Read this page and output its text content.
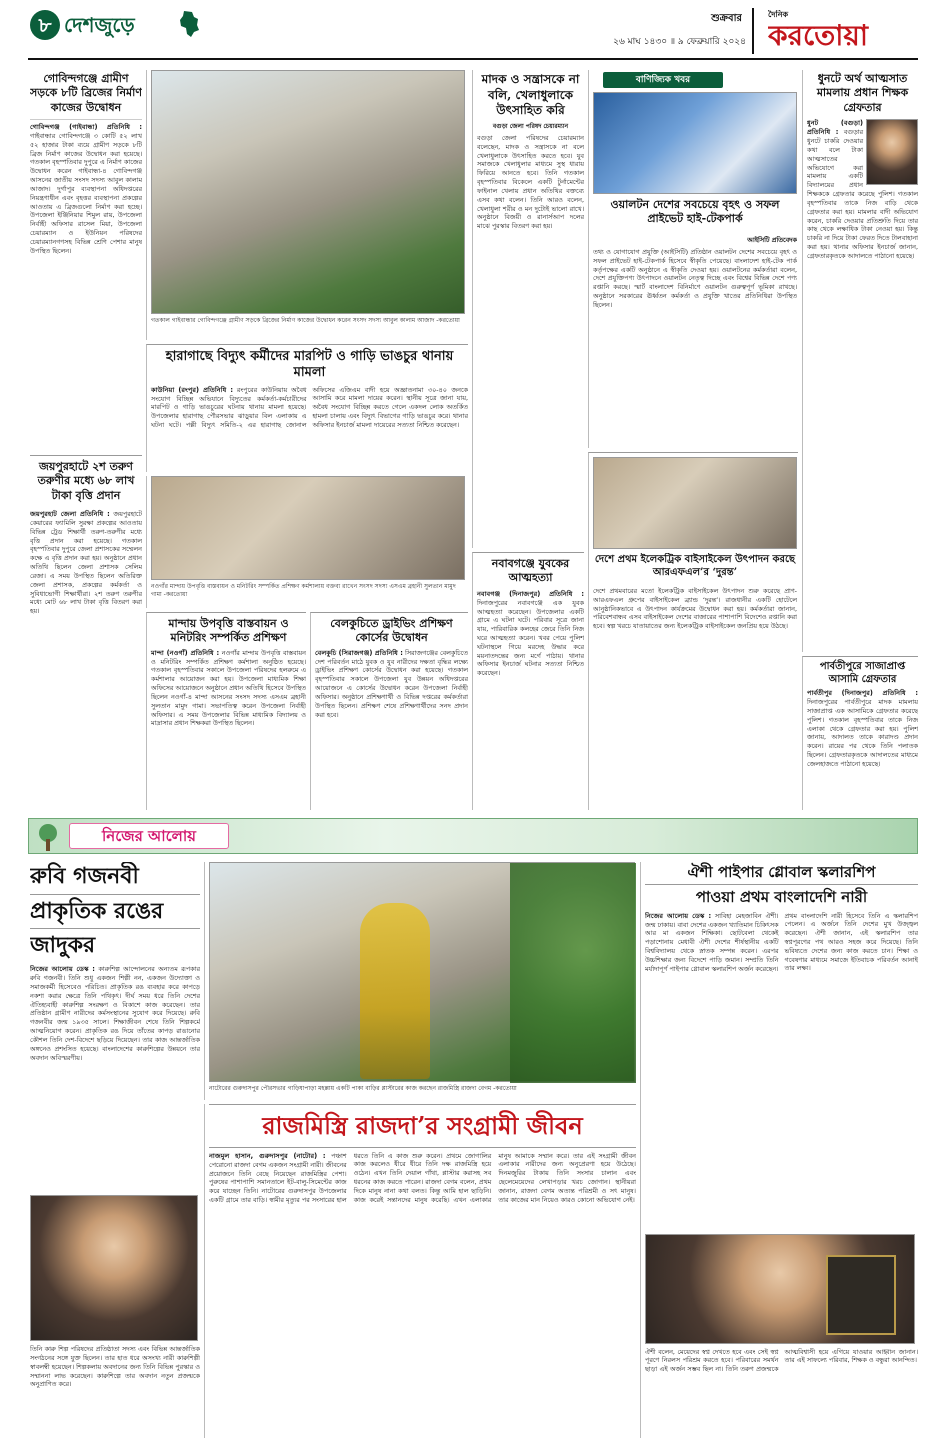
৮ দেশজুড়ে	শুক্রবার
২৬ মাঘ ১৪৩০ ॥ ৯ ফেব্রুয়ারি ২০২৪
দৈনিক
করতোয়া
গোবিন্দগঞ্জে গ্রামীণ সড়কে ৮টি ব্রিজের নির্মাণ কাজের উদ্বোধন
গোবিন্দগঞ্জ (গাইবান্ধা) প্রতিনিধি : গাইবান্ধার গোবিন্দগঞ্জে ৩ কোটি ৫২ লাখ ৫২ হাজার টাকা ব্যয়ে গ্রামীণ সড়কে ৮টি ব্রিজ নির্মাণ কাজের উদ্বোধন করা হয়েছে। গতকাল বৃহস্পতিবার দুপুরে এ নির্মাণ কাজের উদ্বোধন করেন গাইবান্ধা-৪ গোবিন্দগঞ্জ আসনের জাতীয় সংসদ সদস্য আবুল কালাম আজাদ। দুর্গাপুর ব্যবস্থাপনা অধিদপ্তরের নিয়ন্ত্রণাধীন এবং বৃহত্তর ব্যবস্থাপনা প্রকল্পের আওতায় এ ব্রিজগুলো নির্মাণ করা হচ্ছে। উপজেলা ইঞ্জিনিয়ার শিমুল রায়, উপজেলা নির্বাহী অফিসার রাসেল মিয়া, উপজেলা চেয়ারম্যান ও ইউনিয়ন পরিষদের চেয়ারম্যানগণসহ বিভিন্ন শ্রেণি পেশার মানুষ উপস্থিত ছিলেন।
জয়পুরহাটে ২শ তরুণ তরুণীর মধ্যে ৬৮ লাখ টাকা বৃত্তি প্রদান
জয়পুরহাট জেলা প্রতিনিধি : জয়পুরহাটে কেয়ারের ফ্যামিলি সুরক্ষা প্রকল্পের আওতায় বিভিন্ন ট্রেড শিক্ষার্থী তরুণ-তরুণীর মধ্যে বৃত্তি প্রদান করা হয়েছে। গতকাল বৃহস্পতিবার দুপুরে জেলা প্রশাসকের সম্মেলন কক্ষে এ বৃত্তি প্রদান করা হয়। অনুষ্ঠানে প্রধান অতিথি ছিলেন জেলা প্রশাসক সেলিম রেজা। এ সময় উপস্থিত ছিলেন অতিরিক্ত জেলা প্রশাসক, প্রকল্পের কর্মকর্তা ও সুবিধাভোগী শিক্ষার্থীরা। ২শ তরুণ তরুণীর মধ্যে মোট ৬৮ লাখ টাকা বৃত্তি বিতরণ করা হয়।
গতকাল গাইবান্ধার গোবিন্দগঞ্জে গ্রামীণ সড়কে ব্রিজের নির্মাণ কাজের উদ্বোধন করেন সংসদ সদস্য আবুল কালাম আজাদ -করতোয়া
হারাগাছে বিদ্যুৎ কর্মীদের মারপিট ও গাড়ি ভাঙচুর থানায় মামলা
কাউনিয়া (রংপুর) প্রতিনিধি : রংপুরের কাউনিয়ায় অবৈধ সংযোগ বিচ্ছিন্ন অভিযানে বিদ্যুতের কর্মকর্তা-কর্মচারীদের মারপিট ও গাড়ি ভাঙচুরের ঘটনায় থানায় মামলা হয়েছে। উপজেলার হারাগাছ পৌরসভার ঝাড়ুয়ার বিল এলাকায় এ ঘটনা ঘটে। পল্লী বিদ্যুৎ সমিতি-২ এর হারাগাছ জোনাল অফিসের এজিএম বাদী হয়ে অজ্ঞাতনামা ৩০-৪০ জনকে আসামি করে মামলা দায়ের করেন। স্থানীয় সূত্রে জানা যায়, অবৈধ সংযোগ বিচ্ছিন্ন করতে গেলে একদল লোক অতর্কিত হামলা চালায় এবং বিদ্যুৎ বিভাগের গাড়ি ভাঙচুর করে। থানার অফিসার ইনচার্জ মামলা দায়েরের সত্যতা নিশ্চিত করেছেন।
নওগাঁর মান্দায় উপবৃত্তি বাস্তবায়ন ও মনিটরিং সম্পর্কিত প্রশিক্ষণ কর্মশালায় বক্তব্য রাখেন সংসদ সদস্য এসএম ব্রহানী সুলতান মামুদ গামা -করতোয়া
মান্দায় উপবৃত্তি বাস্তবায়ন ও মনিটরিং সম্পর্কিত প্রশিক্ষণ
মান্দা (নওগাঁ) প্রতিনিধি : নওগাঁর মান্দায় উপবৃত্তি বাস্তবায়ন ও মনিটরিং সম্পর্কিত প্রশিক্ষণ কর্মশালা অনুষ্ঠিত হয়েছে। গতকাল বৃহস্পতিবার সকালে উপজেলা পরিষদের হলরুমে এ কর্মশালার আয়োজন করা হয়। উপজেলা মাধ্যমিক শিক্ষা অফিসের আয়োজনে অনুষ্ঠানে প্রধান অতিথি হিসেবে উপস্থিত ছিলেন নওগাঁ-৪ মান্দা আসনের সংসদ সদস্য এসএম ব্রহানী সুলতান মামুদ গামা। সভাপতিত্ব করেন উপজেলা নির্বাহী অফিসার। এ সময় উপজেলার বিভিন্ন মাধ্যমিক বিদ্যালয় ও মাদ্রাসার প্রধান শিক্ষকরা উপস্থিত ছিলেন।
বেলকুচিতে ড্রাইভিং প্রশিক্ষণ কোর্সের উদ্বোধন
বেলকুচি (সিরাজগঞ্জ) প্রতিনিধি : সিরাজগঞ্জের বেলকুচিতে দেশ পরিবর্তন মাঠে যুবক ও যুব নারীদের দক্ষতা বৃদ্ধির লক্ষ্যে ড্রাইভিং প্রশিক্ষণ কোর্সের উদ্বোধন করা হয়েছে। গতকাল বৃহস্পতিবার সকালে উপজেলা যুব উন্নয়ন অধিদপ্তরের আয়োজনে এ কোর্সের উদ্বোধন করেন উপজেলা নির্বাহী অফিসার। অনুষ্ঠানে প্রশিক্ষণার্থী ও বিভিন্ন দপ্তরের কর্মকর্তারা উপস্থিত ছিলেন। প্রশিক্ষণ শেষে প্রশিক্ষণার্থীদের সনদ প্রদান করা হবে।
মাদক ও সন্ত্রাসকে না বলি, খেলাধুলাকে উৎসাহিত করি
বগুড়া জেলা পরিষদ চেয়ারম্যান
বগুড়া জেলা পরিষদের চেয়ারম্যান বলেছেন, মাদক ও সন্ত্রাসকে না বলে খেলাধুলাকে উৎসাহিত করতে হবে। যুব সমাজকে খেলাধুলার মাধ্যমে সুস্থ ধারায় ফিরিয়ে আনতে হবে। তিনি গতকাল বৃহস্পতিবার বিকেলে একটি টুর্নামেন্টের ফাইনাল খেলায় প্রধান অতিথির বক্তব্যে এসব কথা বলেন। তিনি আরও বলেন, খেলাধুলা শরীর ও মন দুটোই ভালো রাখে। অনুষ্ঠানে বিজয়ী ও রানার্সআপ দলের মাঝে পুরস্কার বিতরণ করা হয়।
নবাবগঞ্জে যুবকের আত্মহত্যা
নবাবগঞ্জ (দিনাজপুর) প্রতিনিধি : দিনাজপুরের নবাবগঞ্জে এক যুবক আত্মহত্যা করেছেন। উপজেলার একটি গ্রামে এ ঘটনা ঘটে। পরিবার সূত্রে জানা যায়, পারিবারিক কলহের জেরে তিনি নিজ ঘরে আত্মহত্যা করেন। খবর পেয়ে পুলিশ ঘটনাস্থলে গিয়ে মরদেহ উদ্ধার করে ময়নাতদন্তের জন্য মর্গে পাঠায়। থানার অফিসার ইনচার্জ ঘটনার সত্যতা নিশ্চিত করেছেন।
বাণিজ্যিক খবর
ওয়ালটন দেশের সবচেয়ে বৃহৎ ও সফল প্রাইভেট হাই-টেকপার্ক
আইসিটি প্রতিবেদক
তথ্য ও যোগাযোগ প্রযুক্তি (আইসিটি) প্রতিষ্ঠান ওয়ালটন দেশের সবচেয়ে বৃহৎ ও সফল প্রাইভেট হাই-টেকপার্ক হিসেবে স্বীকৃতি পেয়েছে। বাংলাদেশ হাই-টেক পার্ক কর্তৃপক্ষের একটি অনুষ্ঠানে এ স্বীকৃতি দেওয়া হয়। ওয়ালটনের কর্মকর্তারা বলেন, দেশে প্রযুক্তিপণ্য উৎপাদনে ওয়ালটন নেতৃত্ব দিচ্ছে এবং বিশ্বের বিভিন্ন দেশে পণ্য রপ্তানি করছে। স্মার্ট বাংলাদেশ বিনির্মাণে ওয়ালটন গুরুত্বপূর্ণ ভূমিকা রাখছে। অনুষ্ঠানে সরকারের ঊর্ধ্বতন কর্মকর্তা ও প্রযুক্তি খাতের প্রতিনিধিরা উপস্থিত ছিলেন।
দেশে প্রথম ইলেকট্রিক বাইসাইকেল উৎপাদন করছে আরএফএল’র ‘দুরন্ত’
দেশে প্রথমবারের মতো ইলেকট্রিক বাইসাইকেল উৎপাদন শুরু করেছে প্রাণ-আরএফএল গ্রুপের বাইসাইকেল ব্র্যান্ড ‘দুরন্ত’। রাজধানীর একটি হোটেলে আনুষ্ঠানিকভাবে এ উৎপাদন কার্যক্রমের উদ্বোধন করা হয়। কর্মকর্তারা জানান, পরিবেশবান্ধব এসব বাইসাইকেল দেশের বাজারের পাশাপাশি বিদেশেও রপ্তানি করা হবে। স্বল্প খরচে যাতায়াতের জন্য ইলেকট্রিক বাইসাইকেল জনপ্রিয় হয়ে উঠছে।
ধুনটে অর্থ আত্মসাত মামলায় প্রধান শিক্ষক গ্রেফতার
ধুনট (বগুড়া) প্রতিনিধি : বগুড়ার ধুনটে চাকরি দেওয়ার কথা বলে টাকা আত্মসাতের অভিযোগে করা মামলায় একটি বিদ্যালয়ের প্রধান শিক্ষককে গ্রেফতার করেছে পুলিশ। গতকাল বৃহস্পতিবার তাকে নিজ বাড়ি থেকে গ্রেফতার করা হয়। মামলার বাদী অভিযোগ করেন, চাকরি দেওয়ার প্রতিশ্রুতি দিয়ে তার কাছ থেকে লক্ষাধিক টাকা নেওয়া হয়। কিন্তু চাকরি না দিয়ে টাকা ফেরত দিতে টালবাহানা করা হয়। থানার অফিসার ইনচার্জ জানান, গ্রেফতারকৃতকে আদালতে পাঠানো হয়েছে।
পার্বতীপুরে সাজাপ্রাপ্ত আসামি গ্রেফতার
পার্বতীপুর (দিনাজপুর) প্রতিনিধি : দিনাজপুরের পার্বতীপুরে মাদক মামলায় সাজাপ্রাপ্ত এক আসামিকে গ্রেফতার করেছে পুলিশ। গতকাল বৃহস্পতিবার তাকে নিজ এলাকা থেকে গ্রেফতার করা হয়। পুলিশ জানায়, আদালত তাকে কারাদণ্ড প্রদান করেন। রায়ের পর থেকে তিনি পলাতক ছিলেন। গ্রেফতারকৃতকে আদালতের মাধ্যমে জেলহাজতে পাঠানো হয়েছে।
নিজের আলোয়
রুবি গজনবী
প্রাকৃতিক রঙের
জাদুকর
নিজের আলোয় ডেস্ক : কারুশিল্প আন্দোলনের অন্যতম রূপকার রুবি গজনবী। তিনি শুধু একজন শিল্পী নন, একজন উদ্যোক্তা ও সমাজকর্মী হিসেবেও পরিচিত। প্রাকৃতিক রঙ ব্যবহার করে কাপড়ে নকশা করার ক্ষেত্রে তিনি পথিকৃৎ। দীর্ঘ সময় ধরে তিনি দেশের ঐতিহ্যবাহী কারুশিল্প সংরক্ষণ ও বিকাশে কাজ করেছেন। তার প্রতিষ্ঠান গ্রামীণ নারীদের কর্মসংস্থানের সুযোগ করে দিয়েছে। রুবি গজনবীর জন্ম ১৯৩৫ সালে। শিক্ষাজীবন শেষে তিনি শিল্পকর্মে আত্মনিয়োগ করেন। প্রাকৃতিক রঙ দিয়ে তাঁতের কাপড় রাঙানোর কৌশল তিনি দেশ-বিদেশে ছড়িয়ে দিয়েছেন। তার কাজ আন্তর্জাতিক অঙ্গনেও প্রশংসিত হয়েছে। বাংলাদেশের কারুশিল্পের উন্নয়নে তার অবদান অবিস্মরণীয়।
তিনি কারু শিল্প পরিষদের প্রতিষ্ঠাতা সদস্য এবং বিভিন্ন আন্তর্জাতিক সংগঠনের সঙ্গে যুক্ত ছিলেন। তার হাত ধরে অসংখ্য নারী কারুশিল্পী স্বাবলম্বী হয়েছেন। শিল্পকলায় অবদানের জন্য তিনি বিভিন্ন পুরস্কার ও সম্মাননা লাভ করেছেন। কারুশিল্পে তার অবদান নতুন প্রজন্মকে অনুপ্রাণিত করে।
নাটোরের গুরুদাসপুর পৌরসভার গাড়িষাপাড়া মহল্লায় একটি পাকা বাড়ির প্লাস্টারের কাজ করছেন রাজমিস্ত্রি রাজদা বেগম -করতোয়া
রাজমিস্ত্রি রাজদা’র সংগ্রামী জীবন
নাজমুল হাসান, গুরুদাসপুর (নাটোর) : পঞ্চাশ পেরোনো রাজদা বেগম একজন সংগ্রামী নারী। জীবনের প্রয়োজনে তিনি বেছে নিয়েছেন রাজমিস্ত্রির পেশা। পুরুষের পাশাপাশি সমানতালে ইট-বালু-সিমেন্টের কাজ করে যাচ্ছেন তিনি। নাটোরের গুরুদাসপুর উপজেলার একটি গ্রামে তার বাড়ি। স্বামীর মৃত্যুর পর সংসারের হাল ধরতে তিনি এ কাজ শুরু করেন। প্রথমে জোগালির কাজ করলেও ধীরে ধীরে তিনি দক্ষ রাজমিস্ত্রি হয়ে ওঠেন। এখন তিনি দেয়াল গাঁথা, প্লাস্টার করাসহ সব ধরনের কাজ করতে পারেন। রাজদা বেগম বলেন, প্রথম দিকে মানুষ নানা কথা বলত। কিন্তু আমি হাল ছাড়িনি। কাজ করেই সন্তানদের মানুষ করেছি। এখন এলাকার মানুষ আমাকে সম্মান করে। তার এই সংগ্রামী জীবন এলাকার নারীদের জন্য অনুপ্রেরণা হয়ে উঠেছে। দিনমজুরির টাকায় তিনি সংসার চালান এবং ছেলেমেয়েদের লেখাপড়ার খরচ জোগান। স্থানীয়রা জানান, রাজদা বেগম অত্যন্ত পরিশ্রমী ও সৎ মানুষ। তার কাজের মান নিয়েও কারও কোনো অভিযোগ নেই।
ঐশী পাইপার গ্লোবাল স্কলারশিপ
পাওয়া প্রথম বাংলাদেশি নারী
নিজের আলোয় ডেস্ক : সাবিহা মেহজাবিন ঐশী। জন্ম ঢাকায়। বাবা দেশের একজন খ্যাতিমান চিকিৎসক আর মা একজন শিক্ষিকা। ছোটবেলা থেকেই পড়াশোনায় মেধাবী ঐশী দেশের শীর্ষস্থানীয় একটি বিশ্ববিদ্যালয় থেকে স্নাতক সম্পন্ন করেন। এরপর উচ্চশিক্ষার জন্য বিদেশে পাড়ি জমান। সম্প্রতি তিনি মর্যাদাপূর্ণ পাইপার গ্লোবাল স্কলারশিপ অর্জন করেছেন। প্রথম বাংলাদেশি নারী হিসেবে তিনি এ স্কলারশিপ পেলেন। এ অর্জনে তিনি দেশের মুখ উজ্জ্বল করেছেন। ঐশী জানান, এই স্কলারশিপ তার স্বপ্নপূরণের পথ আরও সহজ করে দিয়েছে। তিনি ভবিষ্যতে দেশের জন্য কাজ করতে চান। শিক্ষা ও গবেষণার মাধ্যমে সমাজে ইতিবাচক পরিবর্তন আনাই তার লক্ষ্য।
ঐশী বলেন, মেয়েদের স্বপ্ন দেখতে হবে এবং সেই স্বপ্ন পূরণে নিরলস পরিশ্রম করতে হবে। পরিবারের সমর্থন ছাড়া এই অর্জন সম্ভব ছিল না। তিনি তরুণ প্রজন্মকে আত্মবিশ্বাসী হয়ে এগিয়ে যাওয়ার আহ্বান জানান। তার এই সাফল্যে পরিবার, শিক্ষক ও বন্ধুরা আনন্দিত।
